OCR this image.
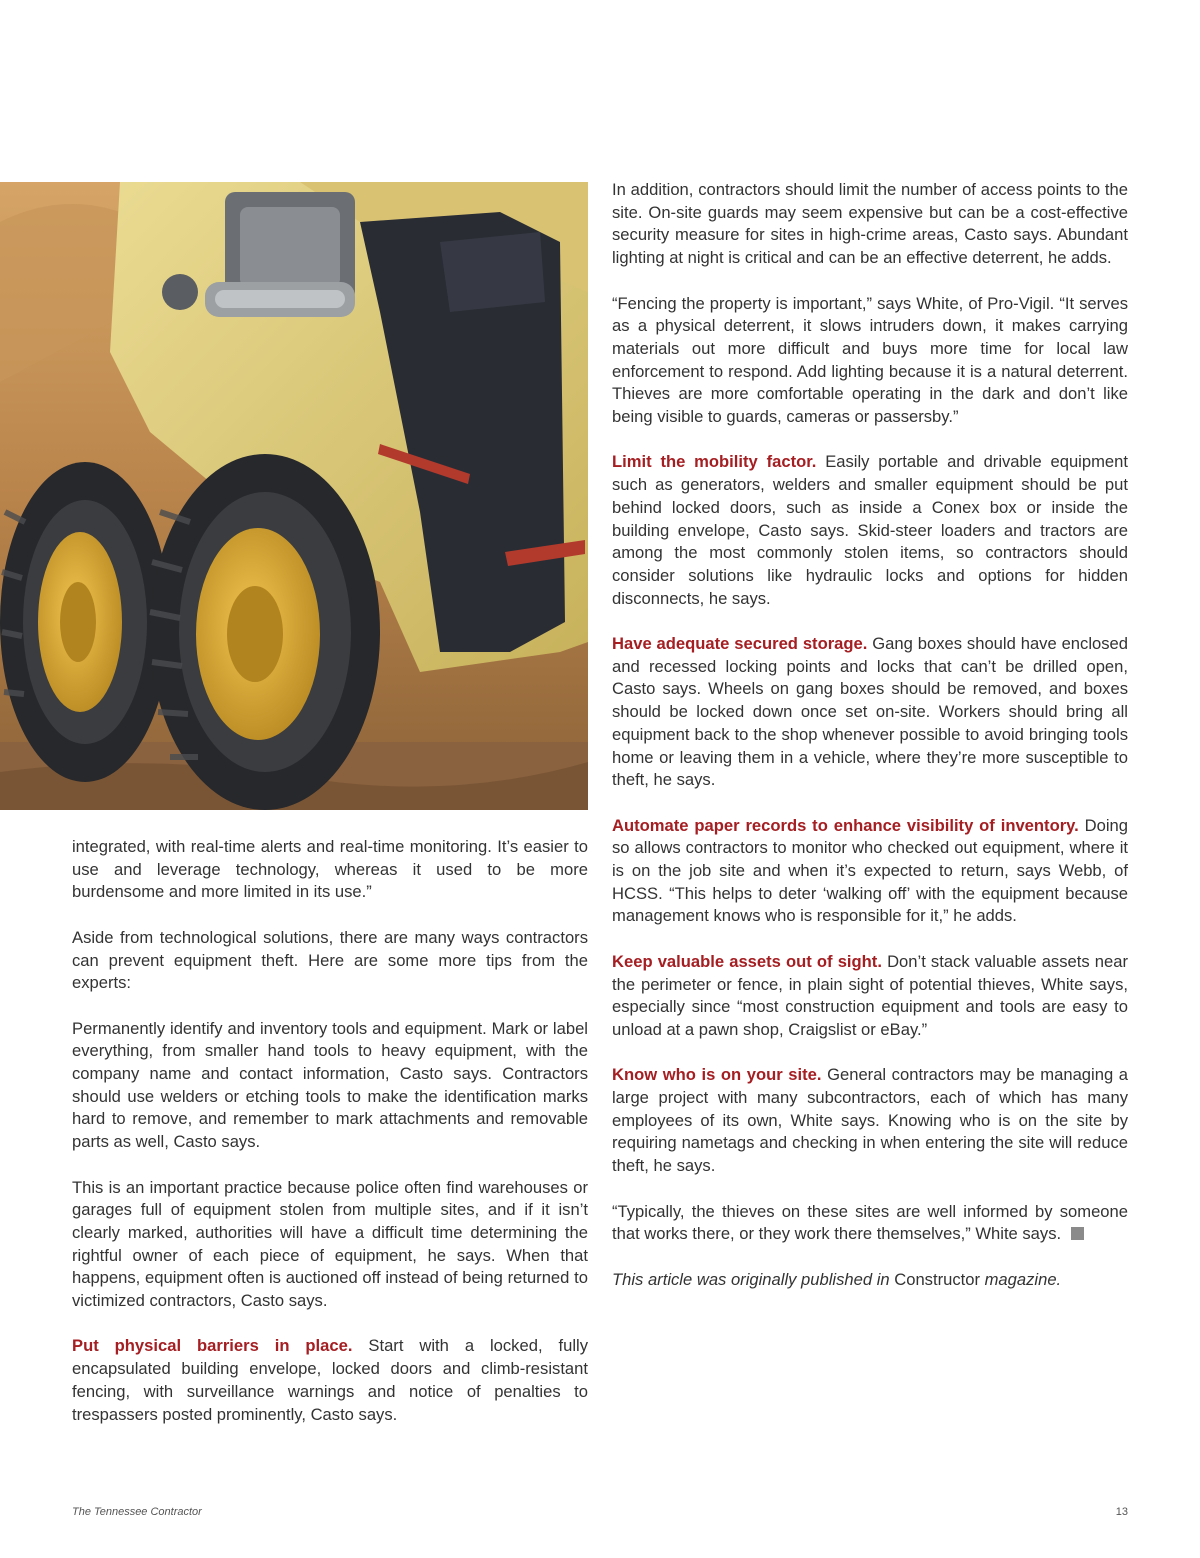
integrated, with real-time alerts and real-time monitoring. It’s easier to use and leverage technology, whereas it used to be more burdensome and more limited in its use.”

Aside from technological solutions, there are many ways contractors can prevent equipment theft. Here are some more tips from the experts:

Permanently identify and inventory tools and equipment. Mark or label everything, from smaller hand tools to heavy equipment, with the company name and contact information, Casto says. Contractors should use welders or etching tools to make the identification marks hard to remove, and remember to mark attachments and removable parts as well, Casto says.

This is an important practice because police often find warehouses or garages full of equipment stolen from multiple sites, and if it isn’t clearly marked, authorities will have a difficult time determining the rightful owner of each piece of equipment, he says. When that happens, equipment often is auctioned off instead of being returned to victimized contractors, Casto says.

Put physical barriers in place. Start with a locked, fully encapsulated building envelope, locked doors and climb-resistant fencing, with surveillance warnings and notice of penalties to trespassers posted prominently, Casto says.

In addition, contractors should limit the number of access points to the site. On-site guards may seem expensive but can be a cost-effective security measure for sites in high-crime areas, Casto says. Abundant lighting at night is critical and can be an effective deterrent, he adds.

“Fencing the property is important,” says White, of Pro-Vigil. “It serves as a physical deterrent, it slows intruders down, it makes carrying materials out more difficult and buys more time for local law enforcement to respond. Add lighting because it is a natural deterrent. Thieves are more comfortable operating in the dark and don’t like being visible to guards, cameras or passersby.”

Limit the mobility factor. Easily portable and drivable equipment such as generators, welders and smaller equipment should be put behind locked doors, such as inside a Conex box or inside the building envelope, Casto says. Skid-steer loaders and tractors are among the most commonly stolen items, so contractors should consider solutions like hydraulic locks and options for hidden disconnects, he says.

Have adequate secured storage. Gang boxes should have enclosed and recessed locking points and locks that can’t be drilled open, Casto says. Wheels on gang boxes should be removed, and boxes should be locked down once set on-site. Workers should bring all equipment back to the shop whenever possible to avoid bringing tools home or leaving them in a vehicle, where they’re more susceptible to theft, he says.

Automate paper records to enhance visibility of inventory. Doing so allows contractors to monitor who checked out equipment, where it is on the job site and when it’s expected to return, says Webb, of HCSS. “This helps to deter ‘walking off’ with the equipment because management knows who is responsible for it,” he adds.

Keep valuable assets out of sight. Don’t stack valuable assets near the perimeter or fence, in plain sight of potential thieves, White says, especially since “most construction equipment and tools are easy to unload at a pawn shop, Craigslist or eBay.”

Know who is on your site. General contractors may be managing a large project with many subcontractors, each of which has many employees of its own, White says. Knowing who is on the site by requiring nametags and checking in when entering the site will reduce theft, he says.

“Typically, the thieves on these sites are well informed by someone that works there, or they work there themselves,” White says.

This article was originally published in Constructor magazine.

The Tennessee Contractor	13
